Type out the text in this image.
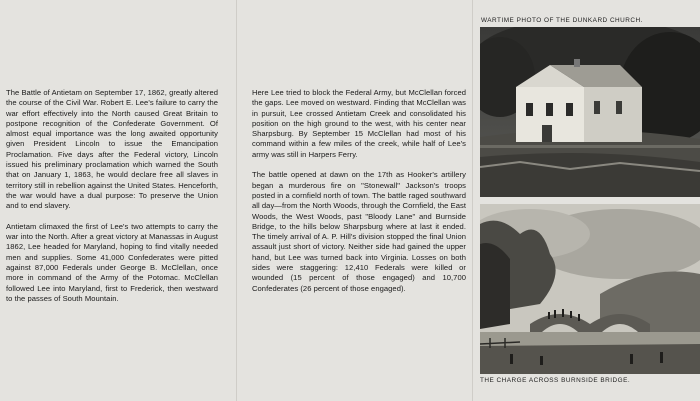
The Battle of Antietam on September 17, 1862, greatly altered the course of the Civil War. Robert E. Lee's failure to carry the war effort effectively into the North caused Great Britain to postpone recognition of the Confederate Government. Of almost equal importance was the long awaited opportunity given President Lincoln to issue the Emancipation Proclamation. Five days after the Federal victory, Lincoln issued his preliminary proclamation which warned the South that on January 1, 1863, he would declare free all slaves in territory still in rebellion against the United States. Henceforth, the war would have a dual purpose: To preserve the Union and to end slavery.

Antietam climaxed the first of Lee's two attempts to carry the war into the North. After a great victory at Manassas in August 1862, Lee headed for Maryland, hoping to find vitally needed men and supplies. Some 41,000 Confederates were pitted against 87,000 Federals under George B. McClellan, once more in command of the Army of the Potomac. McClellan followed Lee into Maryland, first to Frederick, then westward to the passes of South Mountain.

Here Lee tried to block the Federal Army, but McClellan forced the gaps. Lee moved on westward. Finding that McClellan was in pursuit, Lee crossed Antietam Creek and consolidated his position on the high ground to the west, with his center near Sharpsburg. By September 15 McClellan had most of his command within a few miles of the creek, while half of Lee's army was still in Harpers Ferry.

The battle opened at dawn on the 17th as Hooker's artillery began a murderous fire on "Stonewall" Jackson's troops posted in a cornfield north of town. The battle raged southward all day—from the North Woods, through the Cornfield, the East Woods, the West Woods, past "Bloody Lane" and Burnside Bridge, to the hills below Sharpsburg where at last it ended. The timely arrival of A. P. Hill's division stopped the final Union assault just short of victory. Neither side had gained the upper hand, but Lee was turned back into Virginia. Losses on both sides were staggering: 12,410 Federals were killed or wounded (15 percent of those engaged) and 10,700 Confederates (26 percent of those engaged).

WARTIME PHOTO OF THE DUNKARD CHURCH.
THE CHARGE ACROSS BURNSIDE BRIDGE.
